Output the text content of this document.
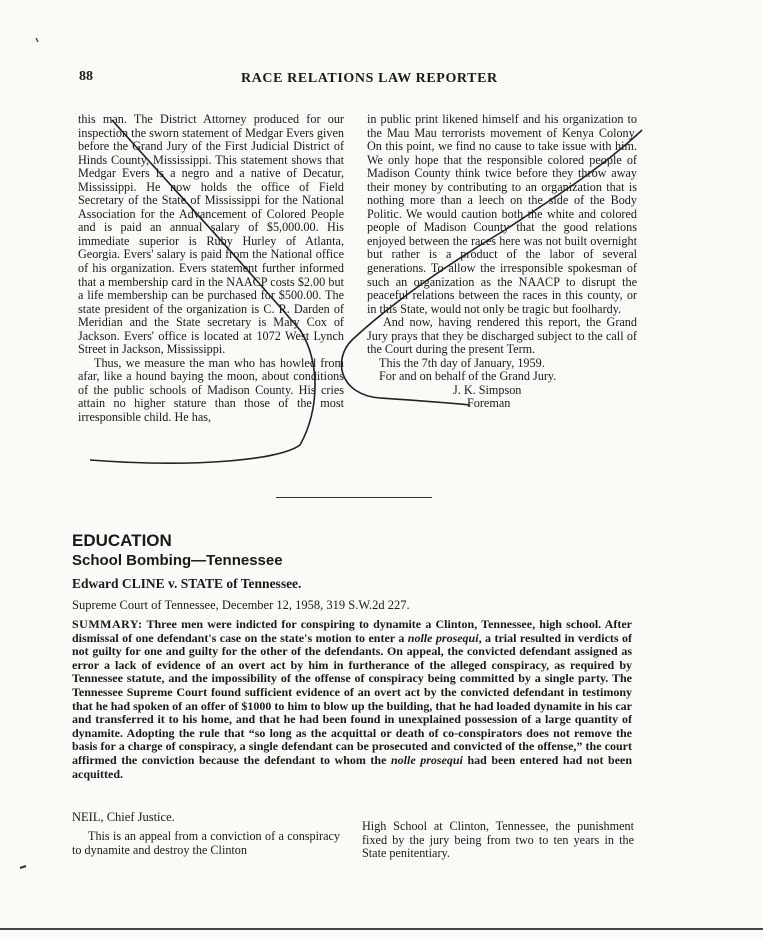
88	RACE RELATIONS LAW REPORTER

this man. The District Attorney produced for our inspection the sworn statement of Medgar Evers given before the Grand Jury of the First Judicial District of Hinds County, Mississippi. This statement shows that Medgar Evers is a negro and a native of Decatur, Mississippi. He now holds the office of Field Secretary of the State of Mississippi for the National Association for the Advancement of Colored People and is paid an annual salary of $5,000.00. His immediate superior is Ruby Hurley of Atlanta, Georgia. Evers' salary is paid from the National office of his organization. Evers statement further informed that a membership card in the NAACP costs $2.00 but a life membership can be purchased for $500.00. The state president of the organization is C. R. Darden of Meridian and the State secretary is Mary Cox of Jackson. Evers' office is located at 1072 West Lynch Street in Jackson, Mississippi.

Thus, we measure the man who has howled from afar, like a hound baying the moon, about conditions of the public schools of Madison County. His cries attain no higher stature than those of the most irresponsible child. He has,

in public print likened himself and his organization to the Mau Mau terrorists movement of Kenya Colony. On this point, we find no cause to take issue with him. We only hope that the responsible colored people of Madison County think twice before they throw away their money by contributing to an organization that is nothing more than a leech on the side of the Body Politic. We would caution both the white and colored people of Madison County that the good relations enjoyed between the races here was not built overnight but rather is a product of the labor of several generations. To allow the irresponsible spokesman of such an organization as the NAACP to disrupt the peaceful relations between the races in this county, or in this State, would not only be tragic but foolhardy.

And now, having rendered this report, the Grand Jury prays that they be discharged subject to the call of the Court during the present Term.

This the 7th day of January, 1959.

For and on behalf of the Grand Jury.

J. K. Simpson

Foreman

EDUCATION
School Bombing—Tennessee
Edward CLINE v. STATE of Tennessee.
Supreme Court of Tennessee, December 12, 1958, 319 S.W.2d 227.
SUMMARY: Three men were indicted for conspiring to dynamite a Clinton, Tennessee, high school. After dismissal of one defendant's case on the state's motion to enter a nolle prosequi, a trial resulted in verdicts of not guilty for one and guilty for the other of the defendants. On appeal, the convicted defendant assigned as error a lack of evidence of an overt act by him in furtherance of the alleged conspiracy, as required by Tennessee statute, and the impossibility of the offense of conspiracy being committed by a single party. The Tennessee Supreme Court found sufficient evidence of an overt act by the convicted defendant in testimony that he had spoken of an offer of $1000 to him to blow up the building, that he had loaded dynamite in his car and transferred it to his home, and that he had been found in unexplained possession of a large quantity of dynamite. Adopting the rule that “so long as the acquittal or death of co-conspirators does not remove the basis for a charge of conspiracy, a single defendant can be prosecuted and convicted of the offense,” the court affirmed the conviction because the defendant to whom the nolle prosequi had been entered had not been acquitted.
NEIL, Chief Justice.

This is an appeal from a conviction of a conspiracy to dynamite and destroy the Clinton

High School at Clinton, Tennessee, the punishment fixed by the jury being from two to ten years in the State penitentiary.
